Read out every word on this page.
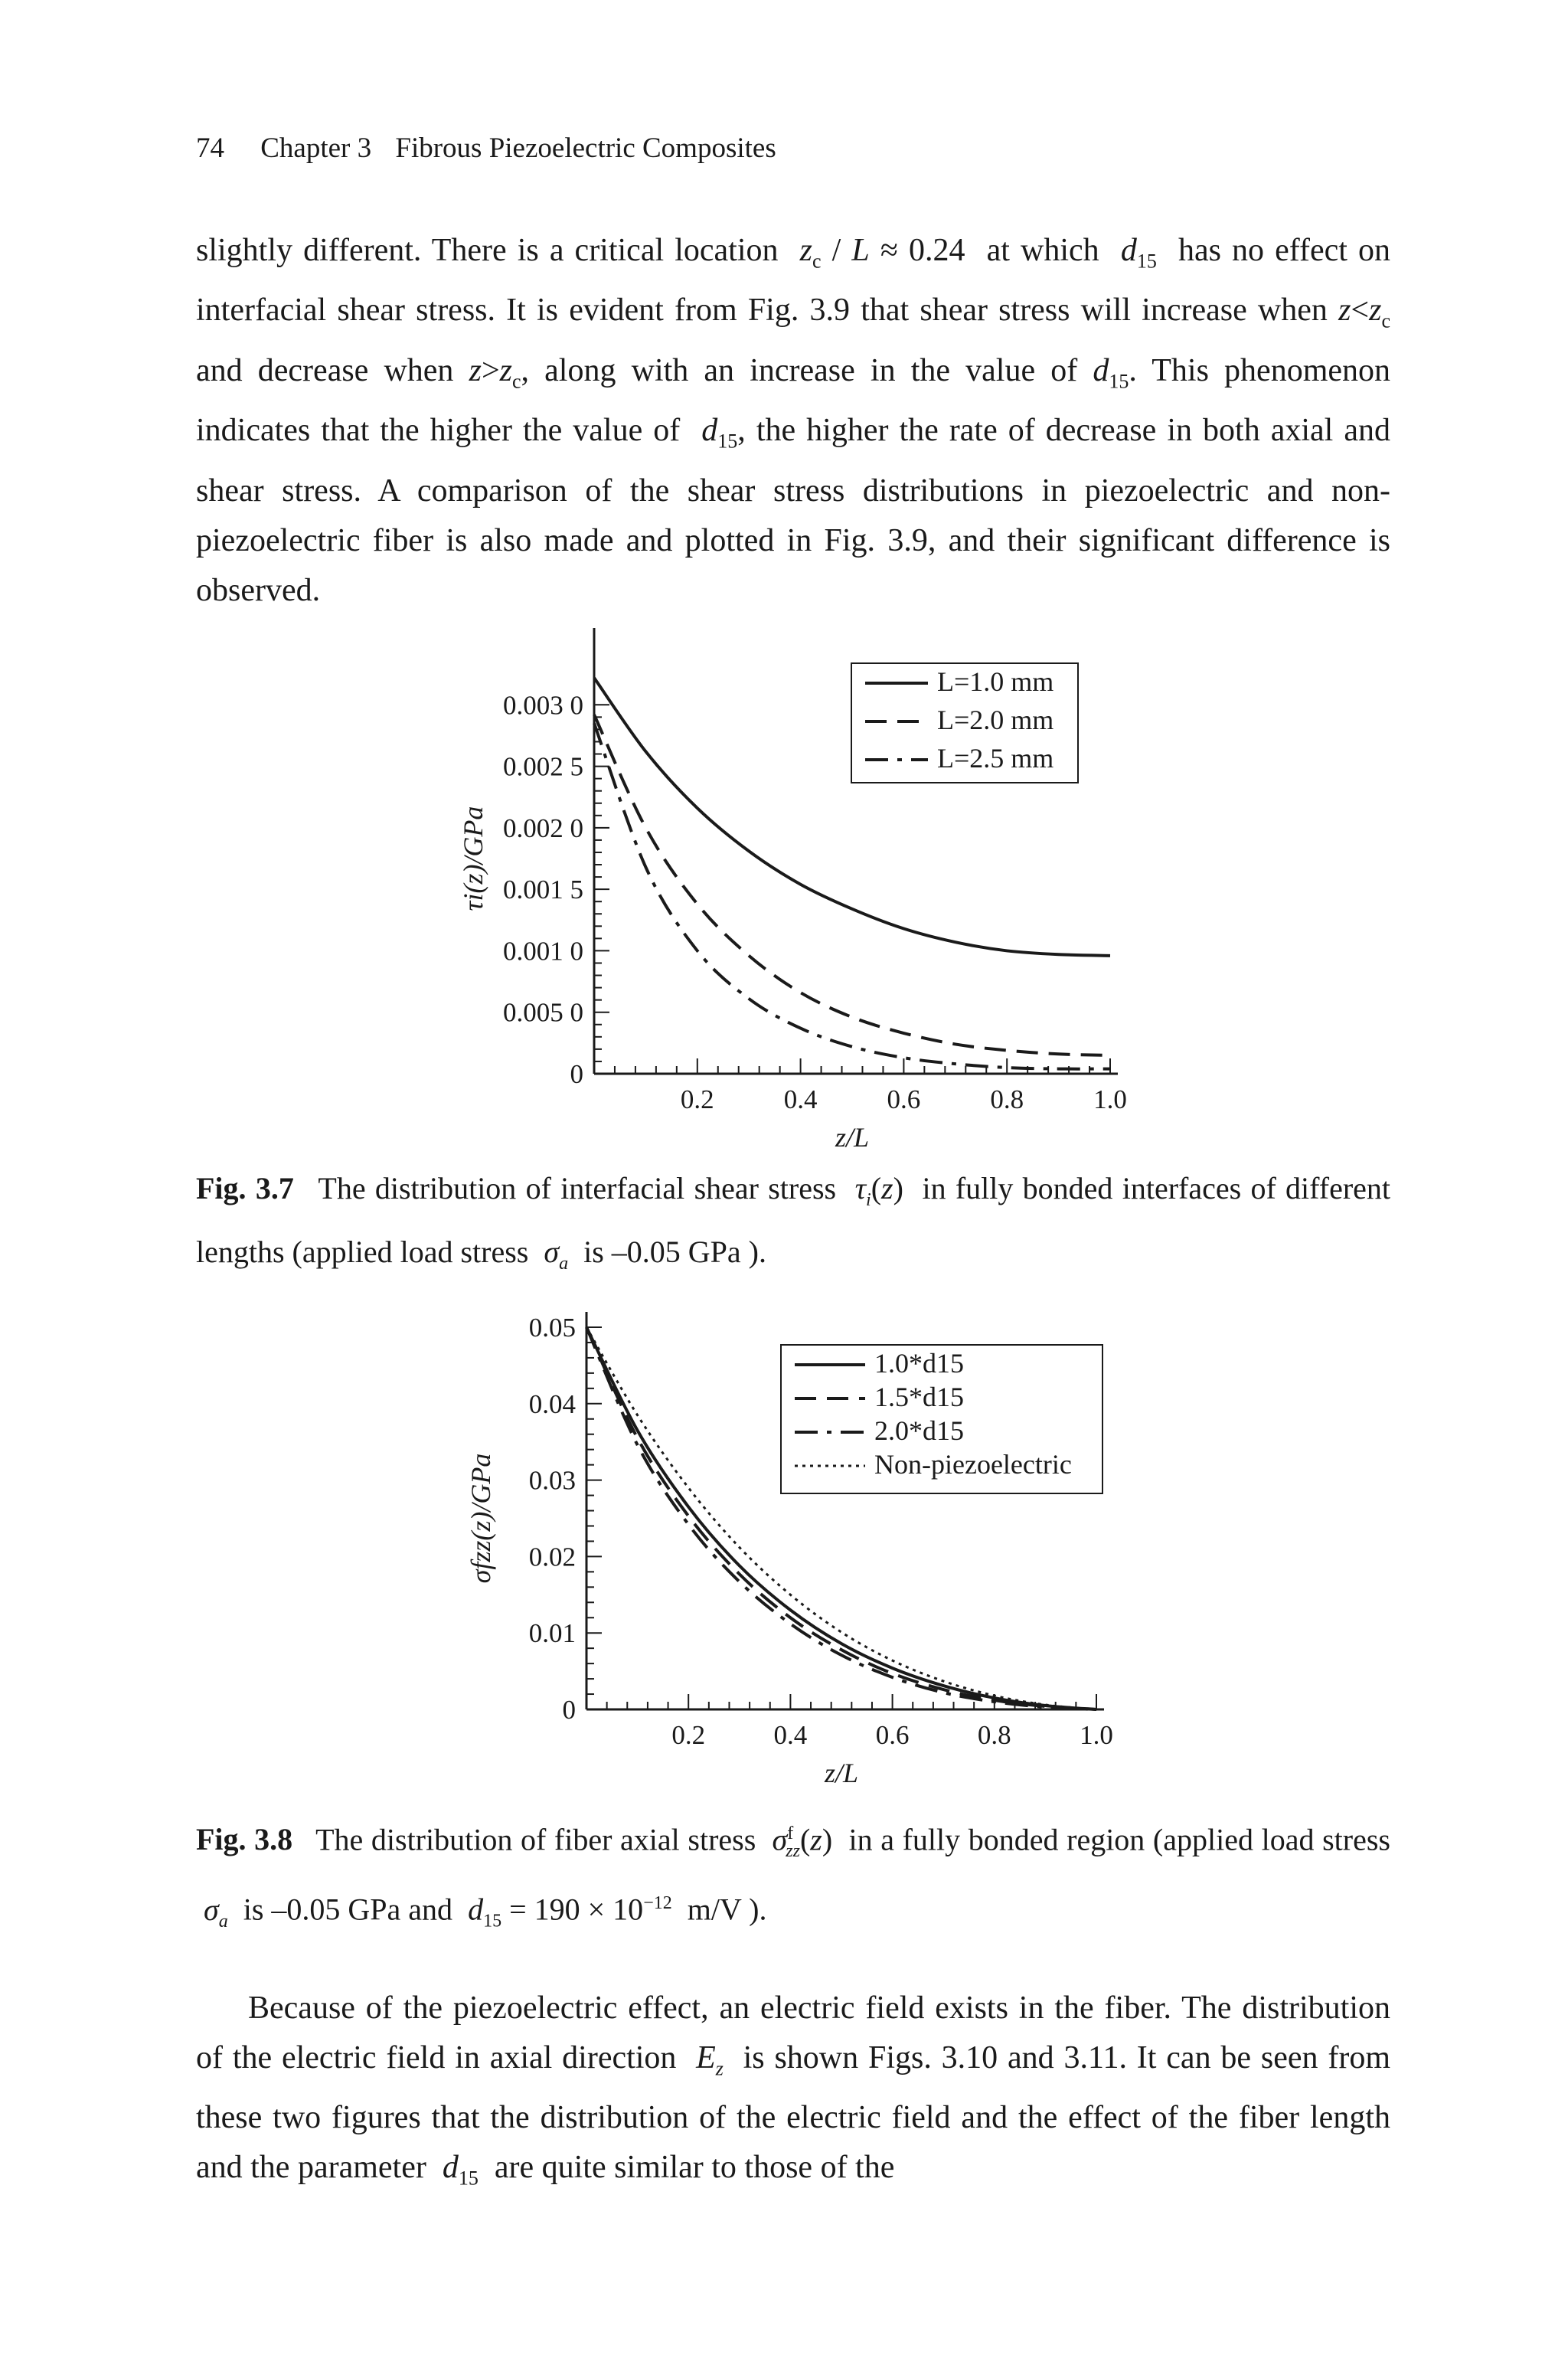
74 Chapter 3 Fibrous Piezoelectric Composites

slightly different. There is a critical location $z_c / L \approx 0.24$ at which $d_{15}$ has no effect on interfacial shear stress. It is evident from Fig. 3.9 that shear stress will increase when $z<z_c$ and decrease when $z>z_c$, along with an increase in the value of $d_{15}$. This phenomenon indicates that the higher the value of $d_{15}$, the higher the rate of decrease in both axial and shear stress. A comparison of the shear stress distributions in piezoelectric and non-piezoelectric fiber is also made and plotted in Fig. 3.9, and their significant difference is observed.

0.2	0.4	0.6	0.8	1.0
0
0.005 0
0.001 0
0.001 5
0.002 0
0.002 5
0.003 0
z/L
τi(z)/GPa
L=1.0 mm
L=2.0 mm
L=2.5 mm
Fig. 3.7 The distribution of interfacial shear stress $\tau_i(z)$  in fully bonded interfaces of different lengths (applied load stress $\sigma_a$ is –0.05 GPa ).
0.2	0.4	0.6	0.8	1.0
0
0.01
0.02
0.03
0.04
0.05
z/L
σfzz(z)/GPa
1.0*d15
1.5*d15
2.0*d15
Non-piezoelectric
Fig. 3.8 The distribution of fiber axial stress $\sigma^f_{zz}(z)$  in a fully bonded region (applied load stress  $\sigma_a$ is –0.05 GPa and $d_{15} = 190 \times 10^{-12}$ m/V ).

Because of the piezoelectric effect, an electric field exists in the fiber. The distribution of the electric field in axial direction $E_z$ is shown Figs. 3.10 and 3.11. It can be seen from these two figures that the distribution of the electric field and the effect of the fiber length and the parameter $d_{15}$ are quite similar to those of the
